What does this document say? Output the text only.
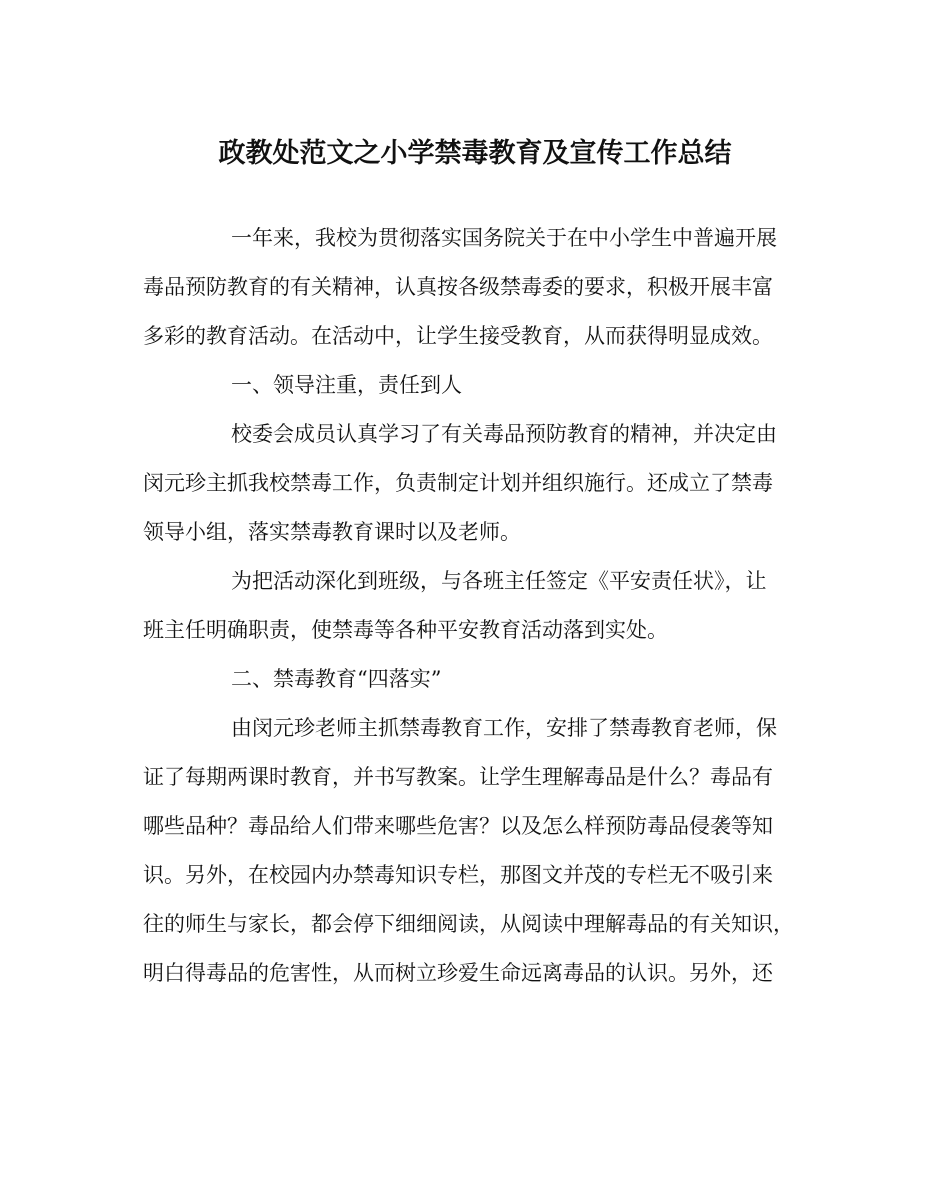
政教处范文之小学禁毒教育及宣传工作总结
一年来，我校为贯彻落实国务院关于在中小学生中普遍开展
毒品预防教育的有关精神，认真按各级禁毒委的要求，积极开展丰富
多彩的教育活动。在活动中，让学生接受教育，从而获得明显成效。
一、领导注重，责任到人
校委会成员认真学习了有关毒品预防教育的精神，并决定由
闵元珍主抓我校禁毒工作，负责制定计划并组织施行。还成立了禁毒
领导小组，落实禁毒教育课时以及老师。
为把活动深化到班级，与各班主任签定《平安责任状》，让
班主任明确职责，使禁毒等各种平安教育活动落到实处。
二、禁毒教育“四落实”
由闵元珍老师主抓禁毒教育工作，安排了禁毒教育老师，保
证了每期两课时教育，并书写教案。让学生理解毒品是什么？毒品有
哪些品种？毒品给人们带来哪些危害？以及怎么样预防毒品侵袭等知
识。另外，在校园内办禁毒知识专栏，那图文并茂的专栏无不吸引来
往的师生与家长，都会停下细细阅读，从阅读中理解毒品的有关知识，
明白得毒品的危害性，从而树立珍爱生命远离毒品的认识。另外，还
